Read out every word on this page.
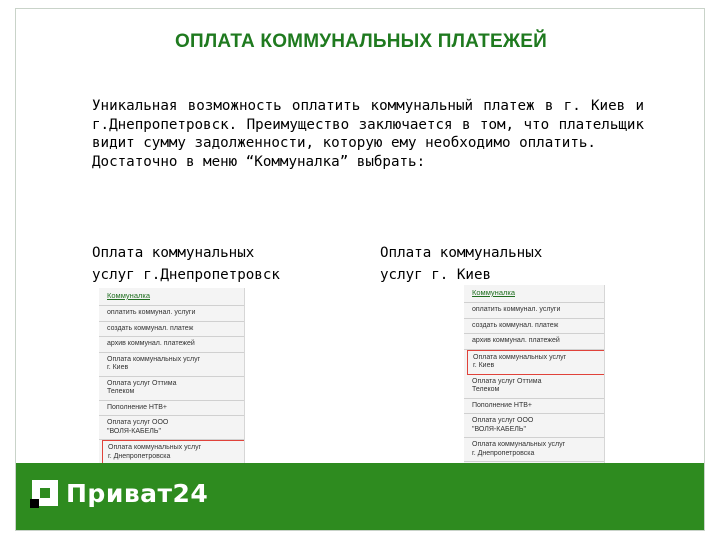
ОПЛАТА КОММУНАЛЬНЫХ ПЛАТЕЖЕЙ

Уникальная возможность оплатить коммунальный платеж в г. Киев и г.Днепропетровск. Преимущество заключается в том, что плательщик видит сумму задолженности, которую ему необходимо оплатить.

Достаточно в меню “Коммуналка” выбрать:

Оплата коммунальных
услуг г.Днепропетровск
Оплата коммунальных
услуг г. Киев
Коммуналка
оплатить коммунал. услуги
создать коммунал. платеж
архив коммунал. платежей
Оплата коммунальных услуг
г. Киев
Оплата услуг Оттима
Телеком
Пополнение НТВ+
Оплата услуг ООО
"ВОЛЯ-КАБЕЛЬ"
Оплата коммунальных услуг
г. Днепропетровска
Коммуналка
оплатить коммунал. услуги
создать коммунал. платеж
архив коммунал. платежей
Оплата коммунальных услуг
г. Киев
Оплата услуг Оттима
Телеком
Пополнение НТВ+
Оплата услуг ООО
"ВОЛЯ-КАБЕЛЬ"
Оплата коммунальных услуг
г. Днепропетровска
Приват24
